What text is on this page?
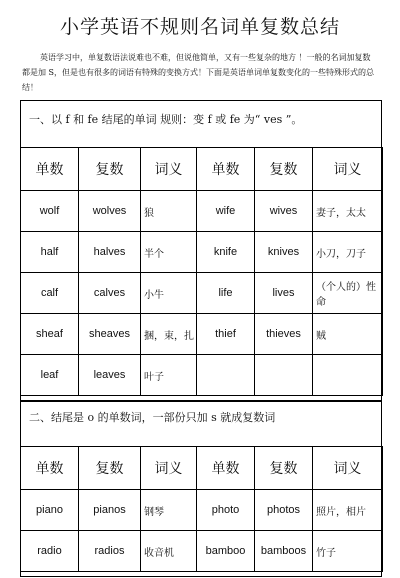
小学英语不规则名词单复数总结
英语学习中，单复数语法说难也不难，但说他简单，又有一些复杂的地方 ！一般的名词加复数都是加 S，但是也有很多的词语有特殊的变换方式！下面是英语单词单复数变化的一些特殊形式的总结！
一、以 f 和 fe 结尾的单词 规则：变 f 或 fe 为“ ves ”。
单数	复数	词义	单数	复数	词义
wolf	wolves	狼	wife	wives	妻子，太太
half	halves	半个	knife	knives	小刀，刀子
calf	calves	小牛	life	lives	（个人的）性命
sheaf	sheaves	捆，束，扎	thief	thieves	贼
leaf	leaves	叶子			
二、结尾是 o 的单数词，一部份只加 s 就成复数词
单数	复数	词义	单数	复数	词义
piano	pianos	钢琴	photo	photos	照片，相片
radio	radios	收音机	bamboo	bamboos	竹子
